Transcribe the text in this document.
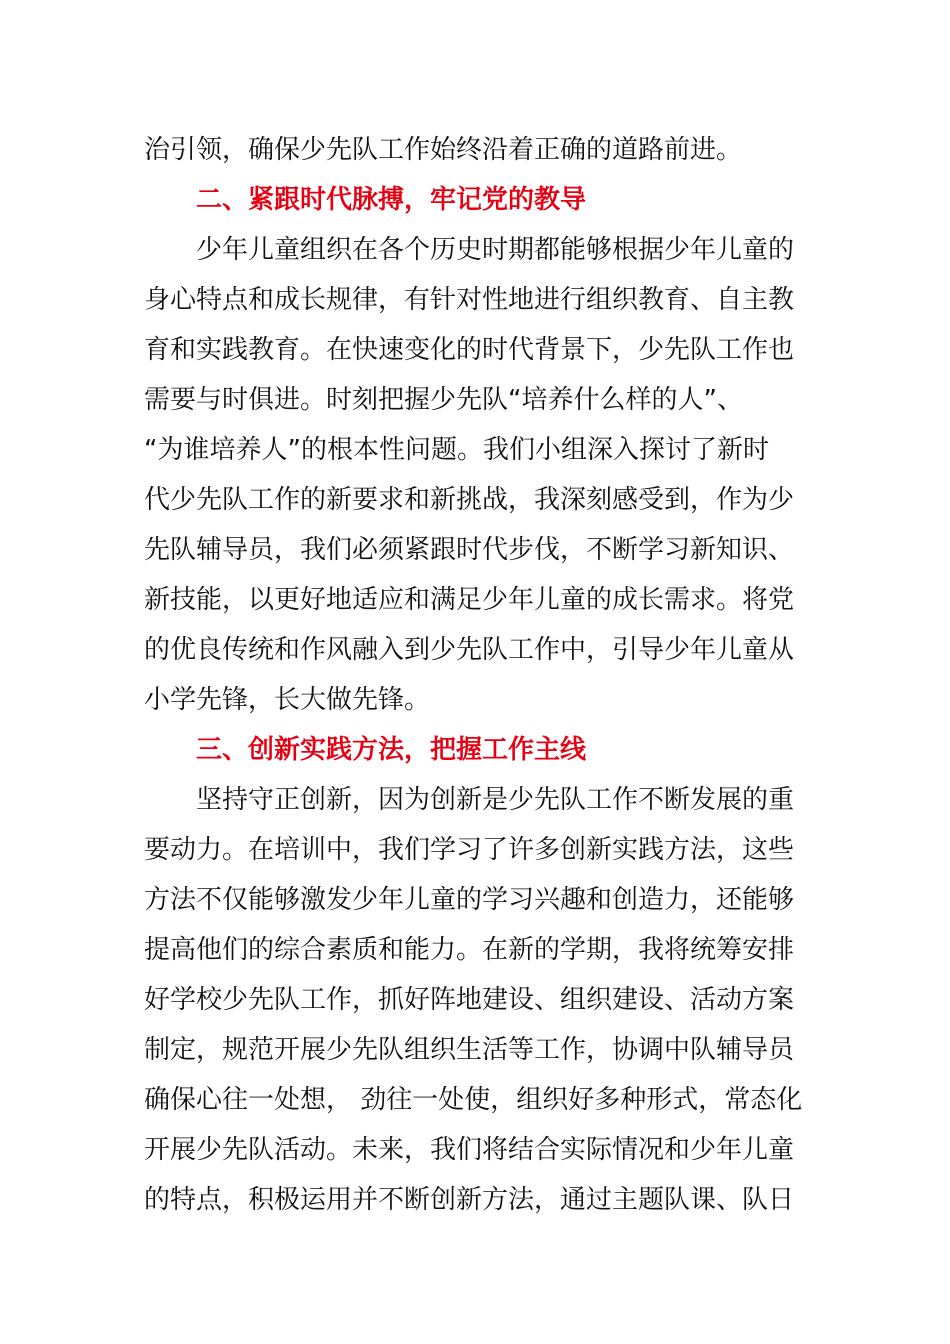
治引领，确保少先队工作始终沿着正确的道路前进。
二、紧跟时代脉搏，牢记党的教导
少年儿童组织在各个历史时期都能够根据少年儿童的
身心特点和成长规律，有针对性地进行组织教育、自主教
育和实践教育。在快速变化的时代背景下，少先队工作也
需要与时俱进。时刻把握少先队“培养什么样的人”、
“为谁培养人”的根本性问题。我们小组深入探讨了新时
代少先队工作的新要求和新挑战，我深刻感受到，作为少
先队辅导员，我们必须紧跟时代步伐，不断学习新知识、
新技能，以更好地适应和满足少年儿童的成长需求。将党
的优良传统和作风融入到少先队工作中，引导少年儿童从
小学先锋，长大做先锋。
三、创新实践方法，把握工作主线
坚持守正创新，因为创新是少先队工作不断发展的重
要动力。在培训中，我们学习了许多创新实践方法，这些
方法不仅能够激发少年儿童的学习兴趣和创造力，还能够
提高他们的综合素质和能力。在新的学期，我将统筹安排
好学校少先队工作，抓好阵地建设、组织建设、活动方案
制定，规范开展少先队组织生活等工作，协调中队辅导员
确保心往一处想， 劲往一处使，组织好多种形式，常态化
开展少先队活动。未来，我们将结合实际情况和少年儿童
的特点，积极运用并不断创新方法，通过主题队课、队日
